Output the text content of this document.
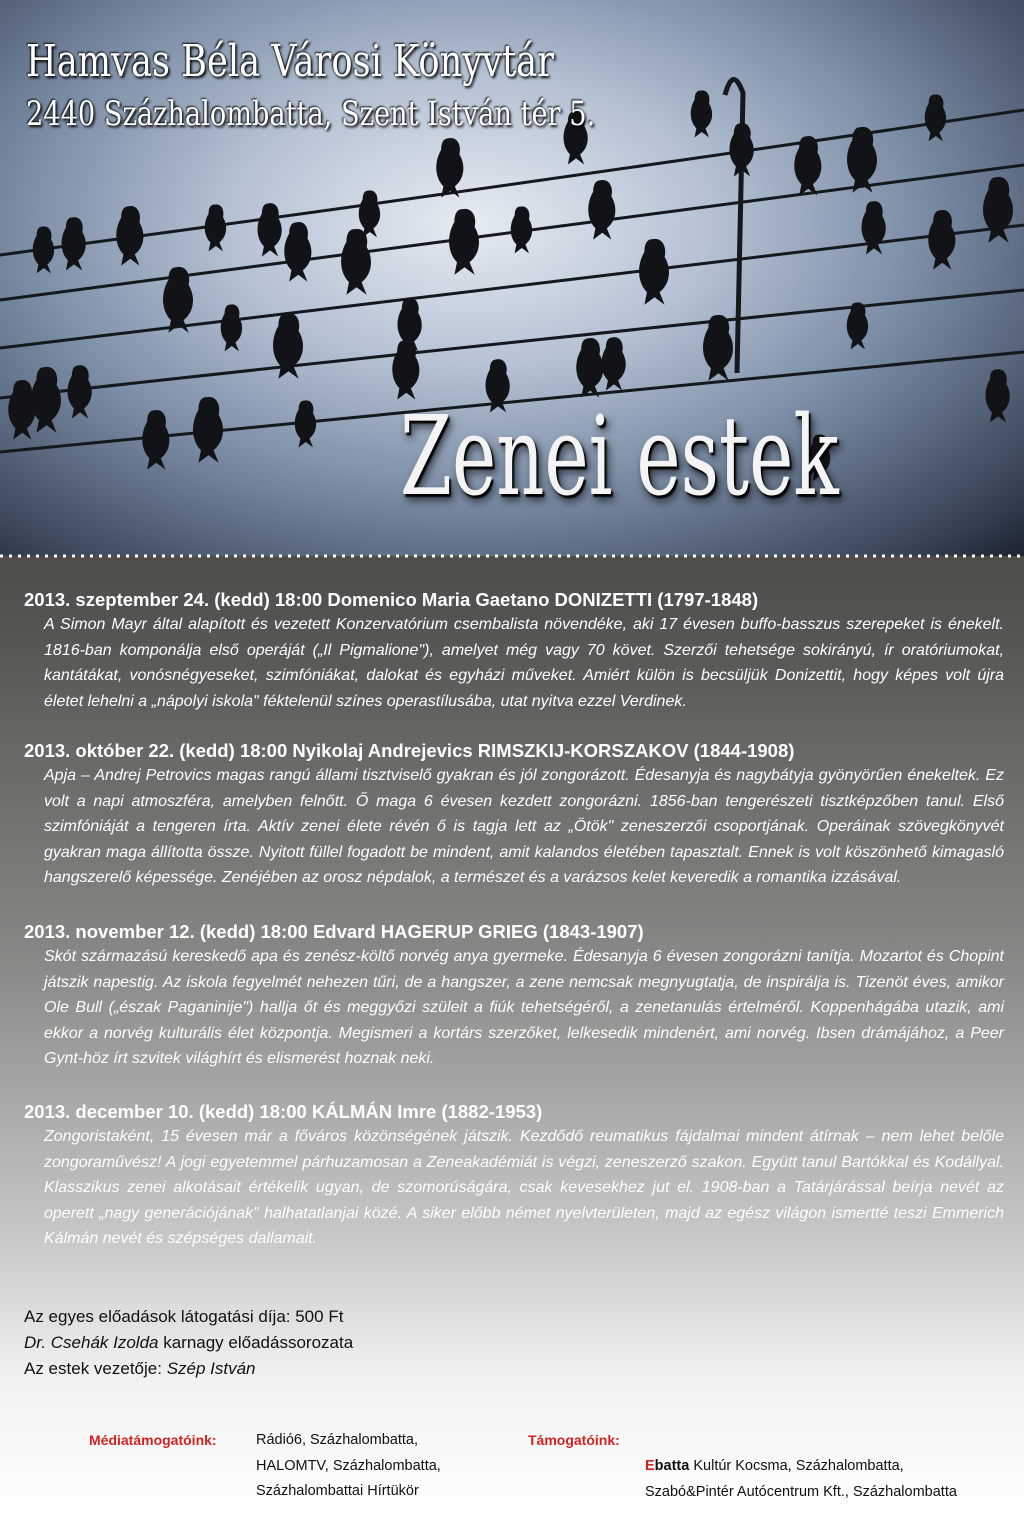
Hamvas Béla Városi Könyvtár
2440 Százhalombatta, Szent István tér 5.
Zenei estek
2013. szeptember 24. (kedd) 18:00 Domenico Maria Gaetano DONIZETTI (1797-1848)
A Simon Mayr által alapított és vezetett Konzervatórium csembalista növendéke, aki 17 évesen buffo-basszus szerepeket is énekelt. 1816-ban komponálja első operáját („Il Pigmalione"), amelyet még vagy 70 követ. Szerzői tehetsége sokirányú, ír oratóriumokat, kantátákat, vonósnégyeseket, szimfóniákat, dalokat és egyházi műveket. Amiért külön is becsüljük Donizettit, hogy képes volt újra életet lehelni a „nápolyi iskola" féktelenül színes operastílusába, utat nyitva ezzel Verdinek.
2013. október 22. (kedd) 18:00 Nyikolaj Andrejevics RIMSZKIJ-KORSZAKOV (1844-1908)
Apja – Andrej Petrovics magas rangú állami tisztviselő gyakran és jól zongorázott. Édesanyja és nagybátyja gyönyörűen énekeltek. Ez volt a napi atmoszféra, amelyben felnőtt. Ő maga 6 évesen kezdett zongorázni. 1856-ban tengerészeti tisztképzőben tanul. Első szimfóniáját a tengeren írta. Aktív zenei élete révén ő is tagja lett az „Ötök" zeneszerzői csoportjának. Operáinak szövegkönyvét gyakran maga állította össze. Nyitott füllel fogadott be mindent, amit kalandos életében tapasztalt. Ennek is volt köszönhető kimagasló hangszerelő képessége. Zenéjében az orosz népdalok, a természet és a varázsos kelet keveredik a romantika izzásával.
2013. november 12. (kedd) 18:00 Edvard HAGERUP GRIEG (1843-1907)
Skót származású kereskedő apa és zenész-költő norvég anya gyermeke. Édesanyja 6 évesen zongorázni tanítja. Mozartot és Chopint játszik napestig. Az iskola fegyelmét nehezen tűri, de a hangszer, a zene nemcsak megnyugtatja, de inspirálja is. Tizenöt éves, amikor Ole Bull („észak Paganinije") hallja őt és meggyőzi szüleit a fiúk tehetségéről, a zenetanulás értelméről. Koppenhágába utazik, ami ekkor a norvég kulturális élet központja. Megismeri a kortárs szerzőket, lelkesedik mindenért, ami norvég. Ibsen drámájához, a Peer Gynt-höz írt szvitek világhírt és elismerést hoznak neki.
2013. december 10. (kedd) 18:00 KÁLMÁN Imre (1882-1953)
Zongoristaként, 15 évesen már a főváros közönségének játszik. Kezdődő reumatikus fájdalmai mindent átírnak – nem lehet belőle zongoraművész! A jogi egyetemmel párhuzamosan a Zeneakadémiát is végzi, zeneszerző szakon. Együtt tanul Bartókkal és Kodállyal. Klasszikus zenei alkotásait értékelik ugyan, de szomorúságára, csak kevesekhez jut el. 1908-ban a Tatárjárással beírja nevét az operett „nagy generációjának" halhatatlanjai közé. A siker előbb német nyelvterületen, majd az egész világon ismertté teszi Emmerich Kálmán nevét és szépséges dallamait.
Az egyes előadások látogatási díja: 500 Ft
Dr. Csehák Izolda karnagy előadássorozata
Az estek vezetője: Szép István
Médiatámogatóink:	Rádió6, Százhalombatta,
HALOMTV, Százhalombatta,
Százhalombattai Hírtükör
Támogatóink:
Ebatta Kultúr Kocsma, Százhalombatta,
Szabó&Pintér Autócentrum Kft., Százhalombatta
